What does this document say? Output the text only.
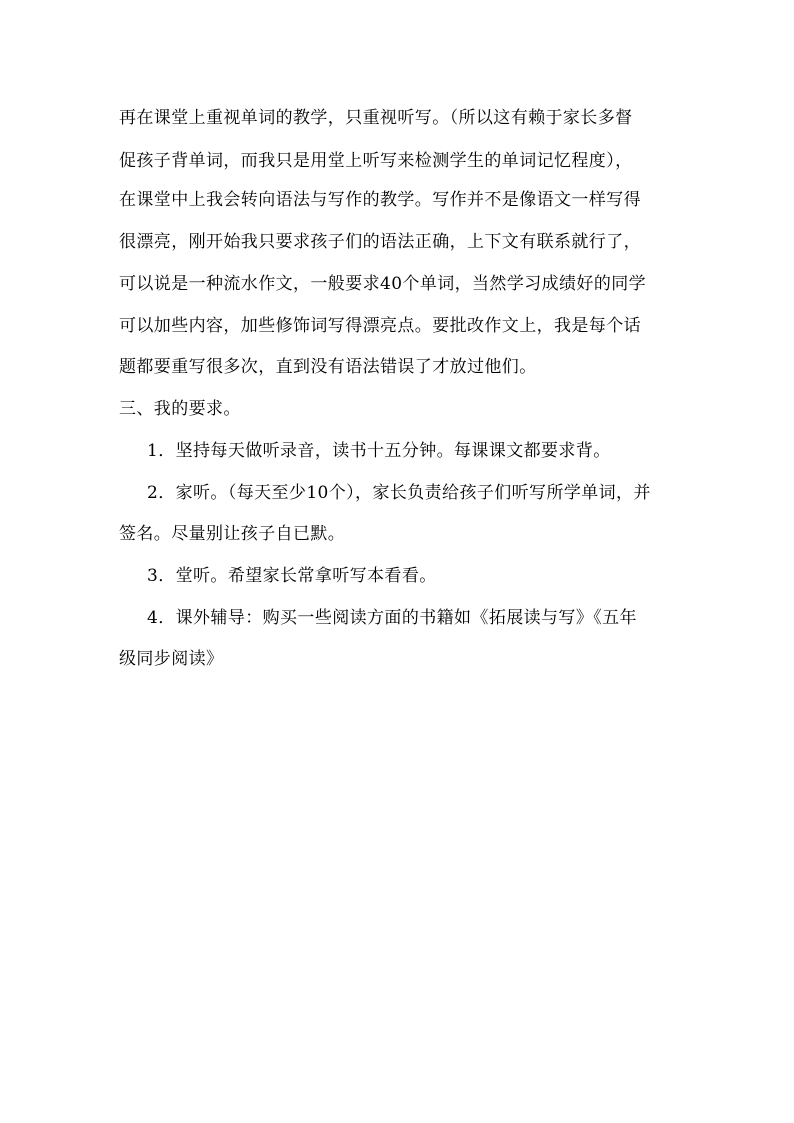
再在课堂上重视单词的教学，只重视听写。（所以这有赖于家长多督
促孩子背单词，而我只是用堂上听写来检测学生的单词记忆程度），
在课堂中上我会转向语法与写作的教学。写作并不是像语文一样写得
很漂亮，刚开始我只要求孩子们的语法正确，上下文有联系就行了，
可以说是一种流水作文，一般要求40个单词，当然学习成绩好的同学
可以加些内容，加些修饰词写得漂亮点。要批改作文上，我是每个话
题都要重写很多次，直到没有语法错误了才放过他们。
三、我的要求。
1．坚持每天做听录音，读书十五分钟。每课课文都要求背。
2．家听。（每天至少10个），家长负责给孩子们听写所学单词，并
签名。尽量别让孩子自已默。
3．堂听。希望家长常拿听写本看看。
4．课外辅导：购买一些阅读方面的书籍如《拓展读与写》《五年
级同步阅读》
